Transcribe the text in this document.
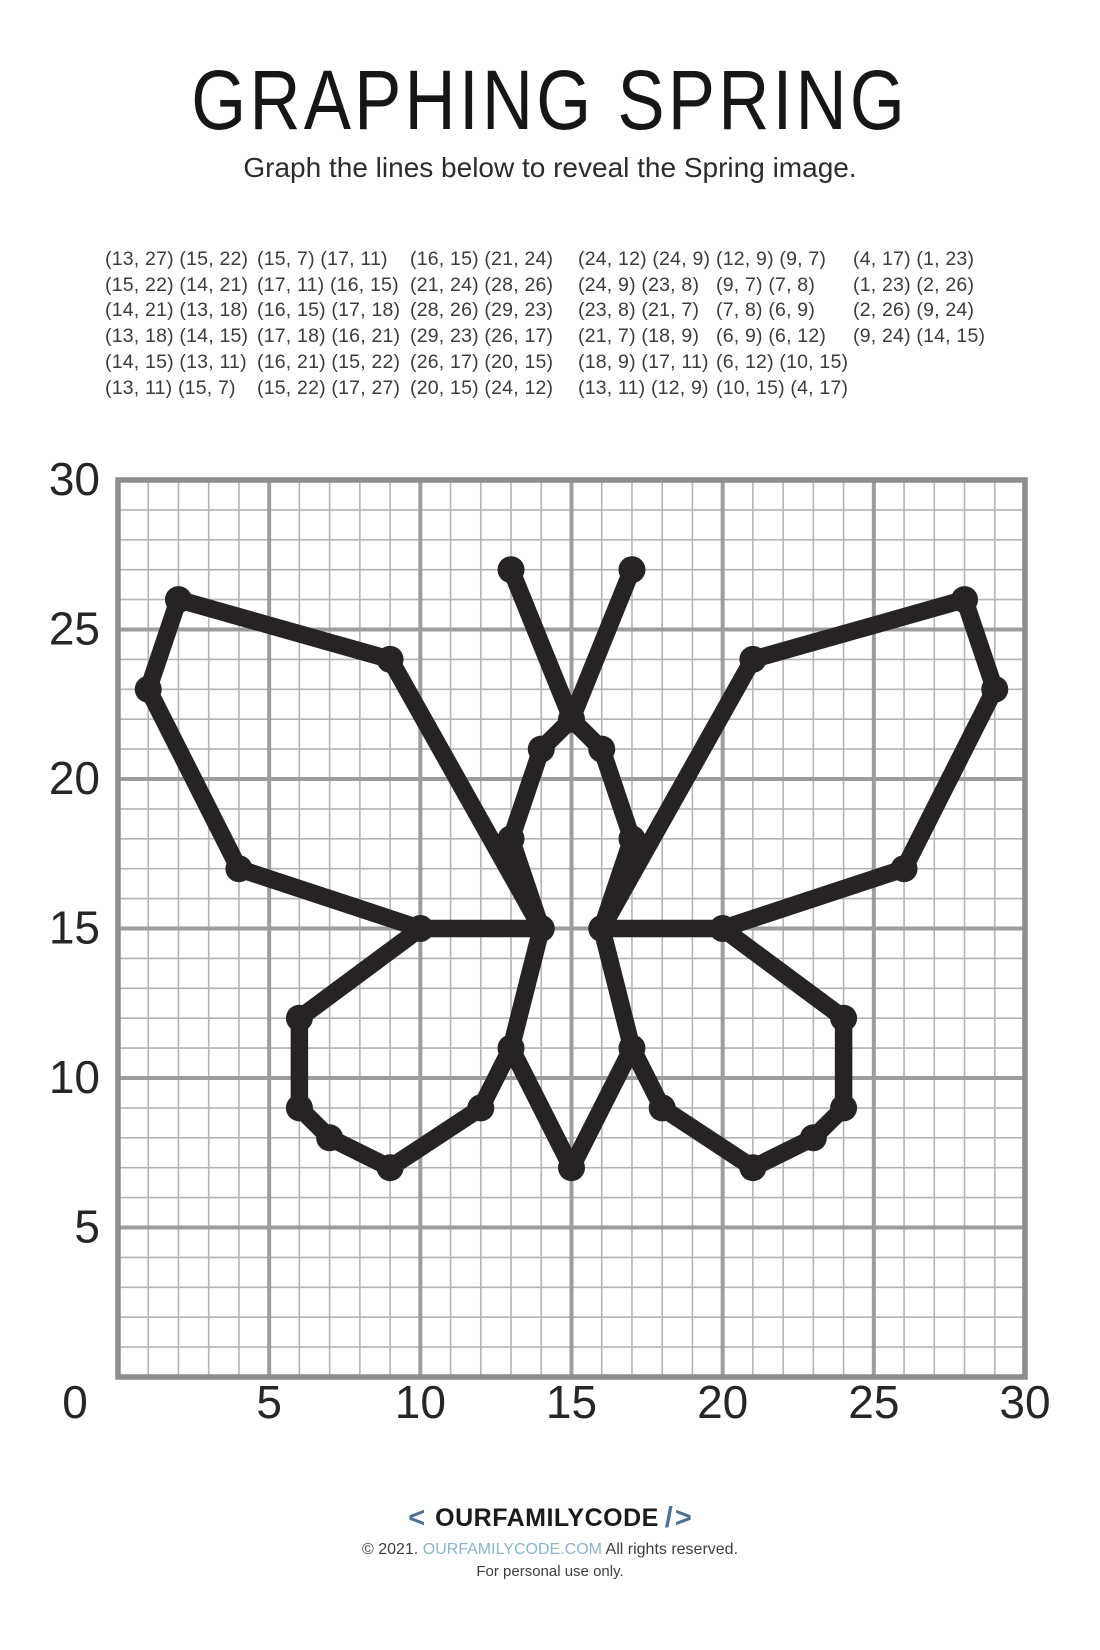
GRAPHING SPRING
Graph the lines below to reveal the Spring image.
(13, 27) (15, 22)
(15, 22) (14, 21)
(14, 21) (13, 18)
(13, 18) (14, 15)
(14, 15) (13, 11)
(13, 11) (15, 7)
(15, 7) (17, 11)
(17, 11) (16, 15)
(16, 15) (17, 18)
(17, 18) (16, 21)
(16, 21) (15, 22)
(15, 22) (17, 27)
(16, 15) (21, 24)
(21, 24) (28, 26)
(28, 26) (29, 23)
(29, 23) (26, 17)
(26, 17) (20, 15)
(20, 15) (24, 12)
(24, 12) (24, 9)
(24, 9) (23, 8)
(23, 8) (21, 7)
(21, 7) (18, 9)
(18, 9) (17, 11)
(13, 11) (12, 9)
(12, 9) (9, 7)
(9, 7) (7, 8)
(7, 8) (6, 9)
(6, 9) (6, 12)
(6, 12) (10, 15)
(10, 15) (4, 17)
(4, 17) (1, 23)
(1, 23) (2, 26)
(2, 26) (9, 24)
(9, 24) (14, 15)
30
25
20
15
10
5
0	5 10 15 20 25 30
< OURFAMILYCODE />
© 2021. OURFAMILYCODE.COM All rights reserved.
For personal use only.
